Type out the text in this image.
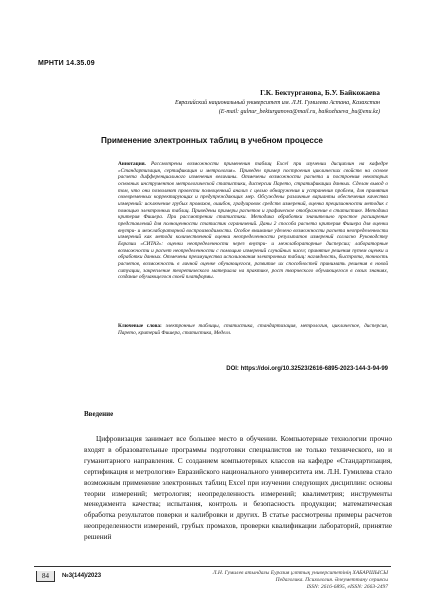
МРНТИ 14.35.09
Г.К. Бектурганова, Б.У. Байкожаева
Евразийский национальный университет им. Л.Н. Гумилева Астана, Казахстан
(E-mail: gulnur_bekturganova@mail.ru, baikozhaeva_bu@enu.kz)
Применение электронных таблиц в учебном процессе
Аннотация. Рассмотрены возможности применения таблиц Excel при изучении дисциплин на кафедре «Стандартизация, сертификация и метрология». Приведен пример построения циклических свойств на основе расчета дифференциального изменения величины. Отмечены возможности расчета и построения некоторых основных инструментов метрологической статистики, дисперсии Парето, стратификации данных. Сделан вывод о том, что они позволяют провести полноценный анализ с целью обнаружения и устранения проблем, для принятия своевременных корректирующих и предупреждающих мер. Обсуждены различные варианты обеспечения качества измерений: исключение грубых промахов, ошибок, градуировок средств измерений, оценка прецизионности методик с помощью электронных таблиц. Приведены примеры расчетов и графическое отображение в статистике. Методика критерия Фишера. При рассмотрении статистики. Методика обработки значительно простое расширение представлений для полноценности статистик ограничений. Даны 2 способа расчета критерия Фишера для оценки внутри- и межлабораторной воспроизводимости. Особое внимание уделено возможности расчета неопределенности измерений как метода количественной оценки неопределенности результатов измерений согласно Руководству Евразии «СИТАЗ»: оценки неопределенности через внутри- и межлабораторные дисперсии; лабораторные возможности и расчет неопределенности с помощью измерений случайных чисел; принятие решения путем оценки и обработки данных. Отмечены преимущества использования электронных таблиц: наглядность, быстрота, точность расчетов, возможность в личной оценке обучающегося, развитие их способностей принимать решения в новой ситуации, закрепление теоретического материала на практике, рост творческого обучающегося в своих знаниях, создание обучающегося своей платформы.
Ключевые слова: электронные таблицы, статистика, стандартизация, метрология, циклическое, дисперсия, Парето, критерий Фишера, статистика, Меделл.
DOI: https://doi.org/10.32523/2616-6895-2023-144-3-94-99
Введение
Цифровизация занимает все большее место в обучении. Компьютерные технологии прочно входят в образовательные программы подготовки специалистов не только технического, но и гуманитарного направления. С созданием компьютерных классов на кафедре «Стандартизация, сертификация и метрология» Евразийского национального университета им. Л.Н. Гумилева стало возможным применение электронных таблиц Excel при изучении следующих дисциплин: основы теории измерений; метрология; неопределенность измерений; квалиметрия; инструменты менеджмента качества; испытания, контроль и безопасность продукции; математическая обработка результатов поверки и калибровки и других. В статье рассмотрены примеры расчетов неопределенности измерений, грубых промахов, проверки квалификации лабораторий, принятие решений
84	№3(144)/2023	Л.Н. Гумилев атындағы Еуразия ұлттық университетінің ХАБАРШЫСЫ
Педагогика. Психология. Әлеуметтану сериясы
ISSN: 2616-6895, eISSN: 2663-2497
